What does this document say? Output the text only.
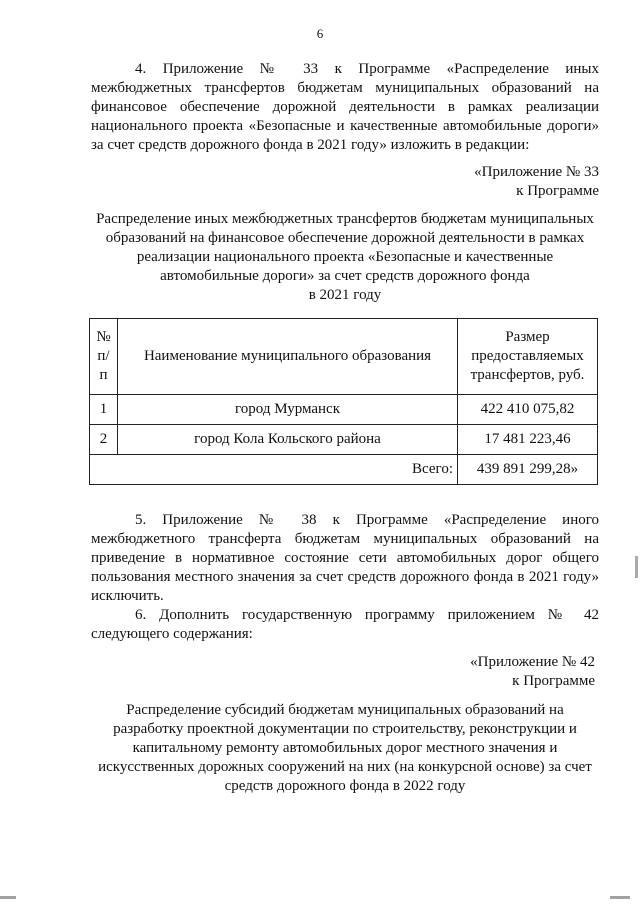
6
4. Приложение № 33 к Программе «Распределение иных межбюджетных трансфертов бюджетам муниципальных образований на финансовое обеспечение дорожной деятельности в рамках реализации национального проекта «Безопасные и качественные автомобильные дороги» за счет средств дорожного фонда в 2021 году» изложить в редакции:
«Приложение № 33
к Программе
Распределение иных межбюджетных трансфертов бюджетам муниципальных
образований на финансовое обеспечение дорожной деятельности в рамках
реализации национального проекта «Безопасные и качественные
автомобильные дороги» за счет средств дорожного фонда
в 2021 году
№ п/п	Наименование муниципального образования	Размер предоставляемых трансфертов, руб.
1	город Мурманск	422 410 075,82
2	город Кола Кольского района	17 481 223,46
Всего:		439 891 299,28»
5. Приложение № 38 к Программе «Распределение иного межбюджетного трансферта бюджетам муниципальных образований на приведение в нормативное состояние сети автомобильных дорог общего пользования местного значения за счет средств дорожного фонда в 2021 году» исключить.
6. Дополнить государственную программу приложением № 42 следующего содержания:
«Приложение № 42
к Программе
Распределение субсидий бюджетам муниципальных образований на
разработку проектной документации по строительству, реконструкции и
капитальному ремонту автомобильных дорог местного значения и
искусственных дорожных сооружений на них (на конкурсной основе) за счет
средств дорожного фонда в 2022 году
